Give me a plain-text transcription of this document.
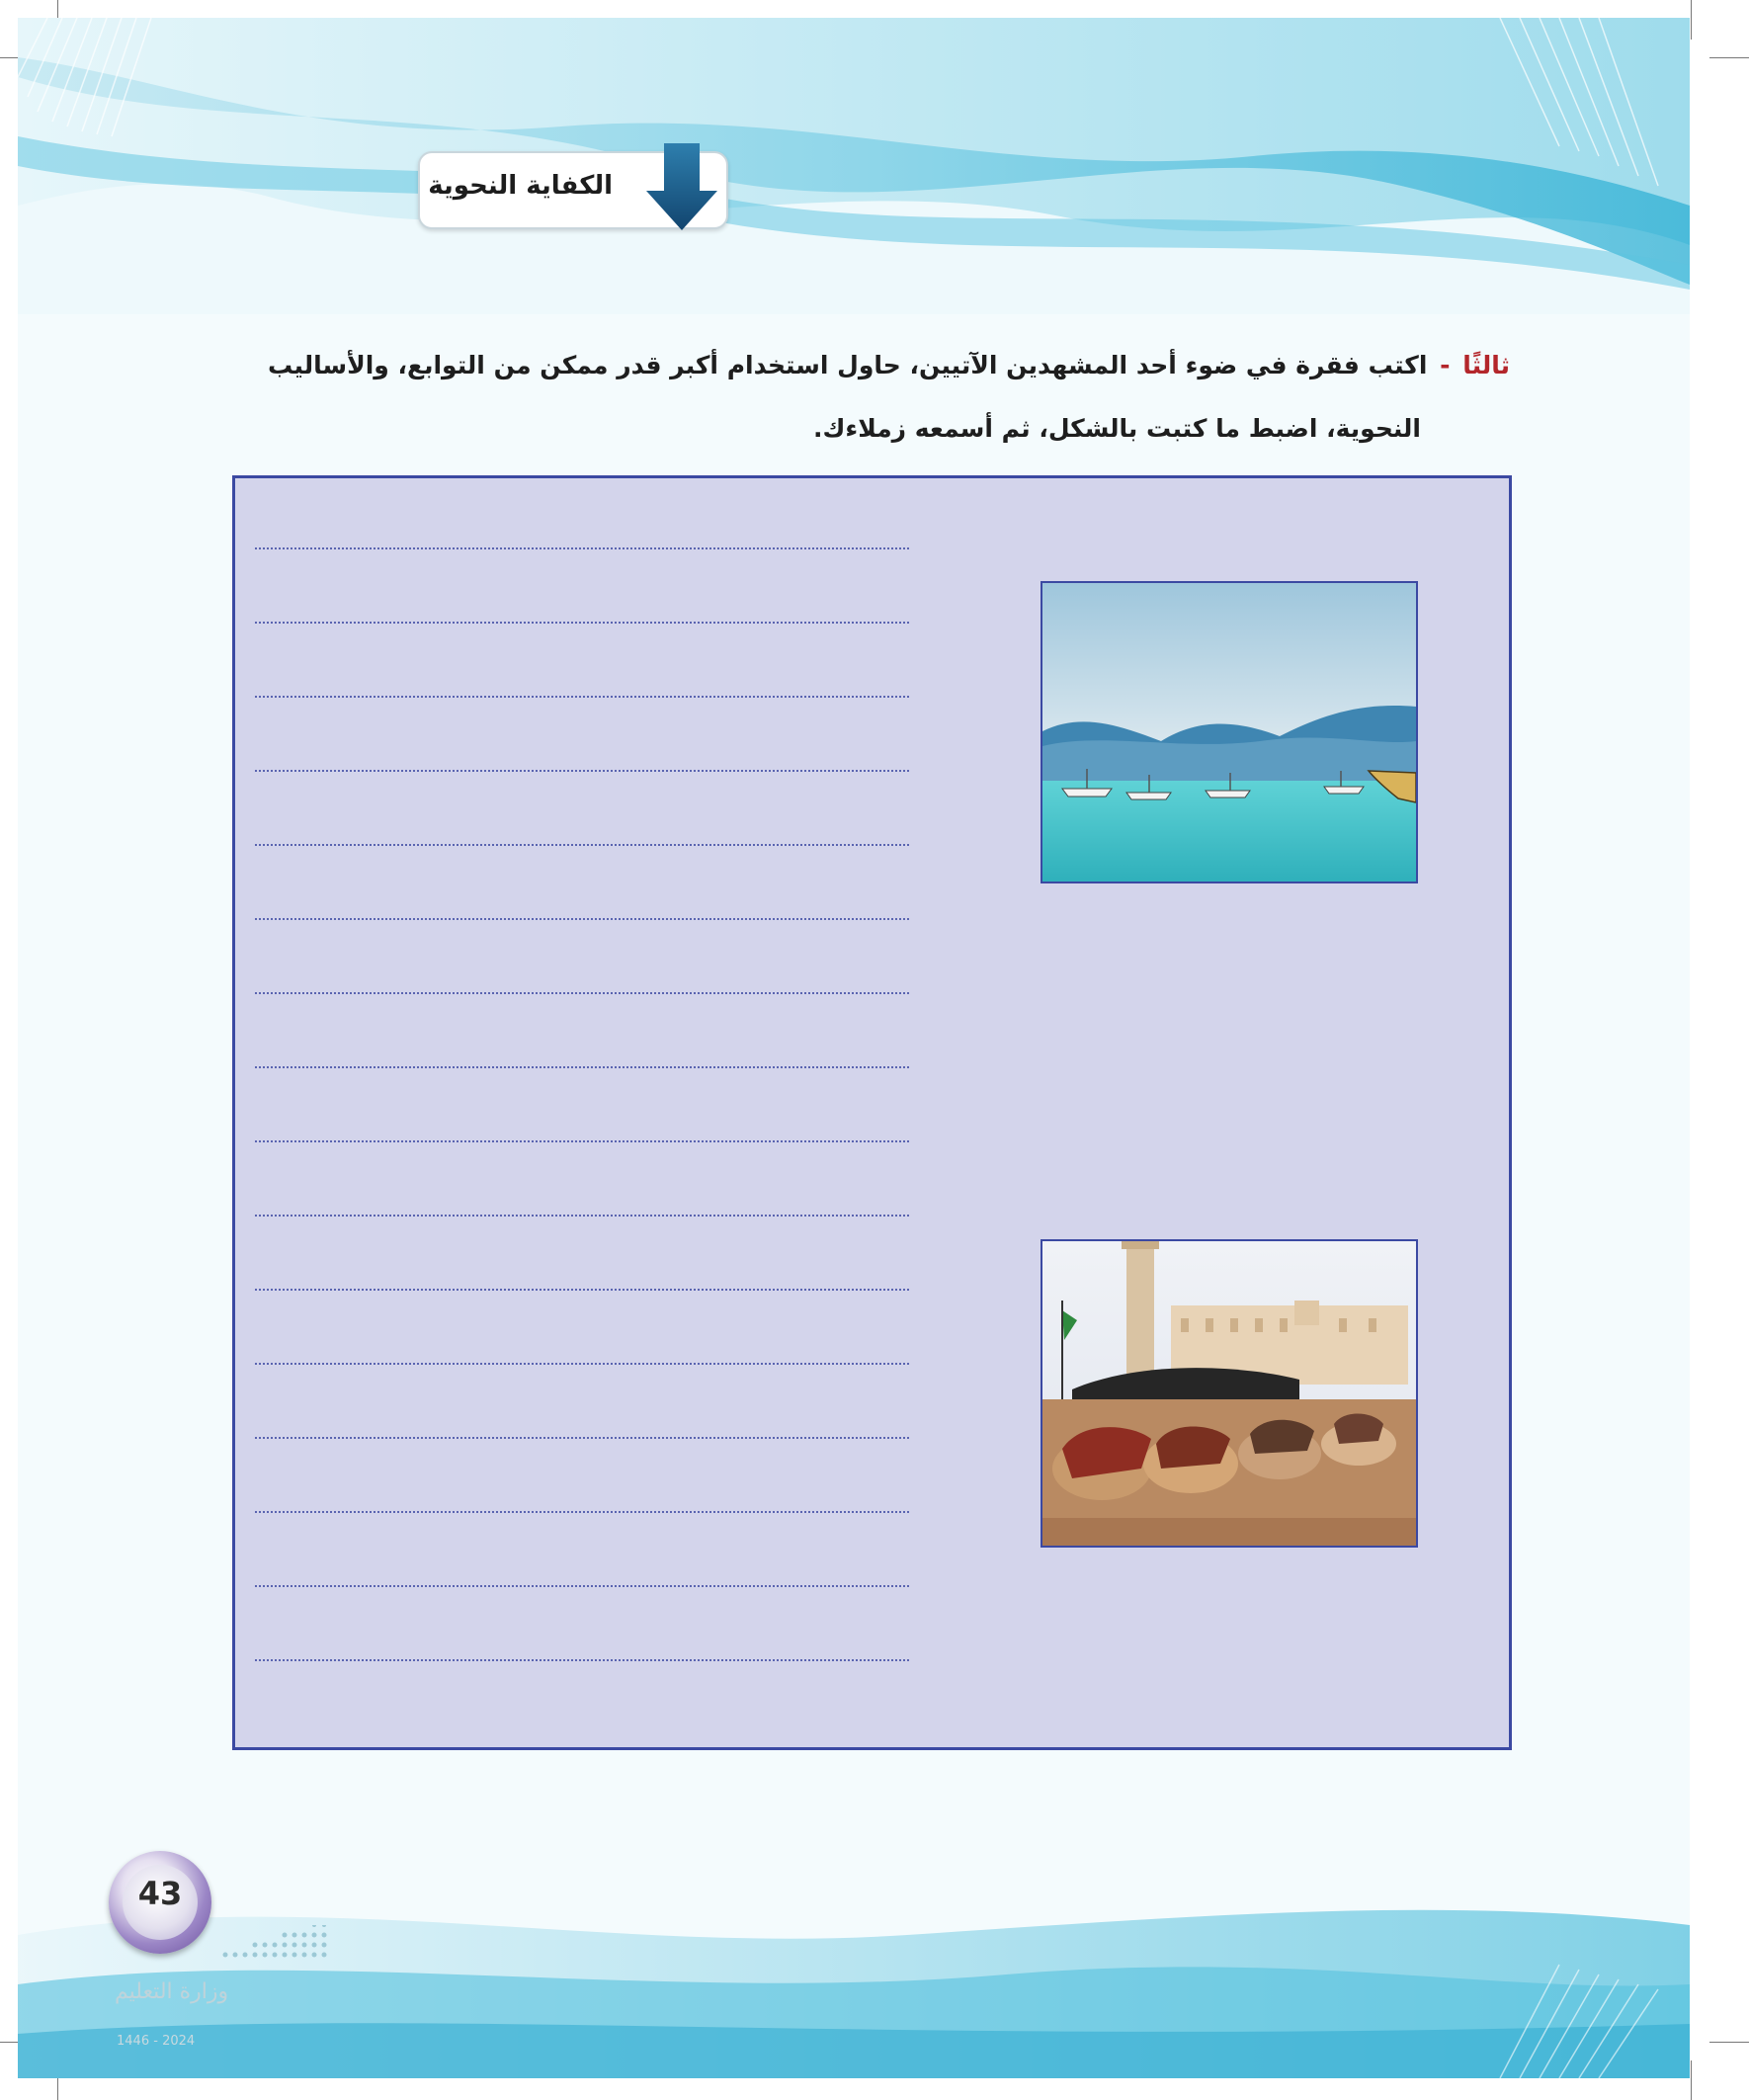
الكفاية النحوية
ثالثًا - اكتب فقرة في ضوء أحد المشهدين الآتيين، حاول استخدام أكبر قدر ممكن من التوابع، والأساليب
النحوية، اضبط ما كتبت بالشكل، ثم أسمعه زملاءك.
43
وزارة التعليم
2024 - 1446
